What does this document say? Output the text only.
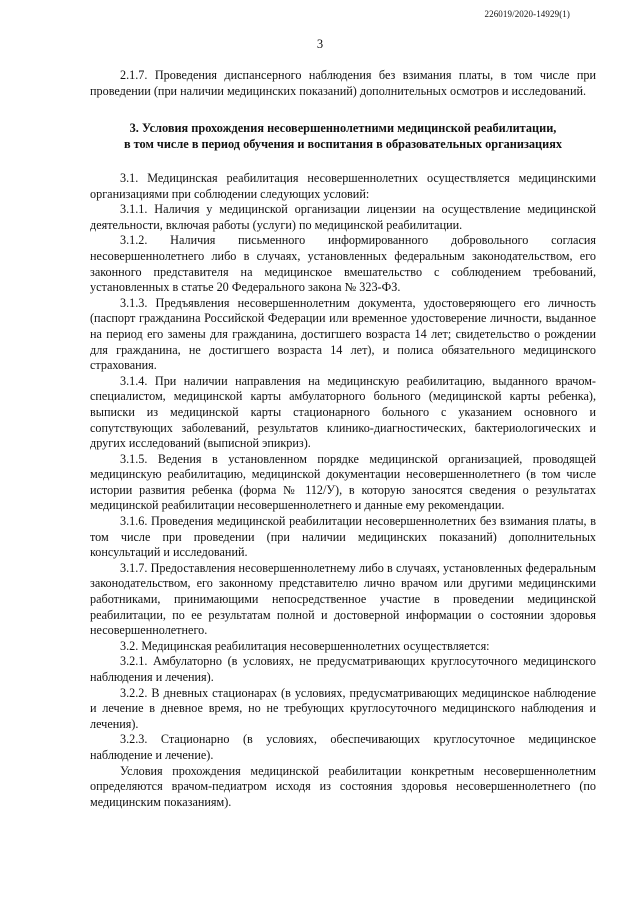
226019/2020-14929(1)
3

2.1.7. Проведения диспансерного наблюдения без взимания платы, в том числе при проведении (при наличии медицинских показаний) дополнительных осмотров и исследований.

3. Условия прохождения несовершеннолетними медицинской реабилитации,
в том числе в период обучения и воспитания в образовательных организациях

3.1. Медицинская реабилитация несовершеннолетних осуществляется медицинскими организациями при соблюдении следующих условий:

3.1.1. Наличия у медицинской организации лицензии на осуществление медицинской деятельности, включая работы (услуги) по медицинской реабилитации.

3.1.2. Наличия письменного информированного добровольного согласия несовершеннолетнего либо в случаях, установленных федеральным законодательством, его законного представителя на медицинское вмешательство с соблюдением требований, установленных в статье 20 Федерального закона № 323-ФЗ.

3.1.3. Предъявления несовершеннолетним документа, удостоверяющего его личность (паспорт гражданина Российской Федерации или временное удостоверение личности, выданное на период его замены для гражданина, достигшего возраста 14 лет; свидетельство о рождении для гражданина, не достигшего возраста 14 лет), и полиса обязательного медицинского страхования.

3.1.4. При наличии направления на медицинскую реабилитацию, выданного врачом-специалистом, медицинской карты амбулаторного больного (медицинской карты ребенка), выписки из медицинской карты стационарного больного с указанием основного и сопутствующих заболеваний, результатов клинико-диагностических, бактериологических и других исследований (выписной эпикриз).

3.1.5. Ведения в установленном порядке медицинской организацией, проводящей медицинскую реабилитацию, медицинской документации несовершеннолетнего (в том числе истории развития ребенка (форма № 112/У), в которую заносятся сведения о результатах медицинской реабилитации несовершеннолетнего и данные ему рекомендации.

3.1.6. Проведения медицинской реабилитации несовершеннолетних без взимания платы, в том числе при проведении (при наличии медицинских показаний) дополнительных консультаций и исследований.

3.1.7. Предоставления несовершеннолетнему либо в случаях, установленных федеральным законодательством, его законному представителю лично врачом или другими медицинскими работниками, принимающими непосредственное участие в проведении медицинской реабилитации, по ее результатам полной и достоверной информации о состоянии здоровья несовершеннолетнего.

3.2. Медицинская реабилитация несовершеннолетних осуществляется:

3.2.1. Амбулаторно (в условиях, не предусматривающих круглосуточного медицинского наблюдения и лечения).

3.2.2. В дневных стационарах (в условиях, предусматривающих медицинское наблюдение и лечение в дневное время, но не требующих круглосуточного медицинского наблюдения и лечения).

3.2.3. Стационарно (в условиях, обеспечивающих круглосуточное медицинское наблюдение и лечение).

Условия прохождения медицинской реабилитации конкретным несовершеннолетним определяются врачом-педиатром исходя из состояния здоровья несовершеннолетнего (по медицинским показаниям).
